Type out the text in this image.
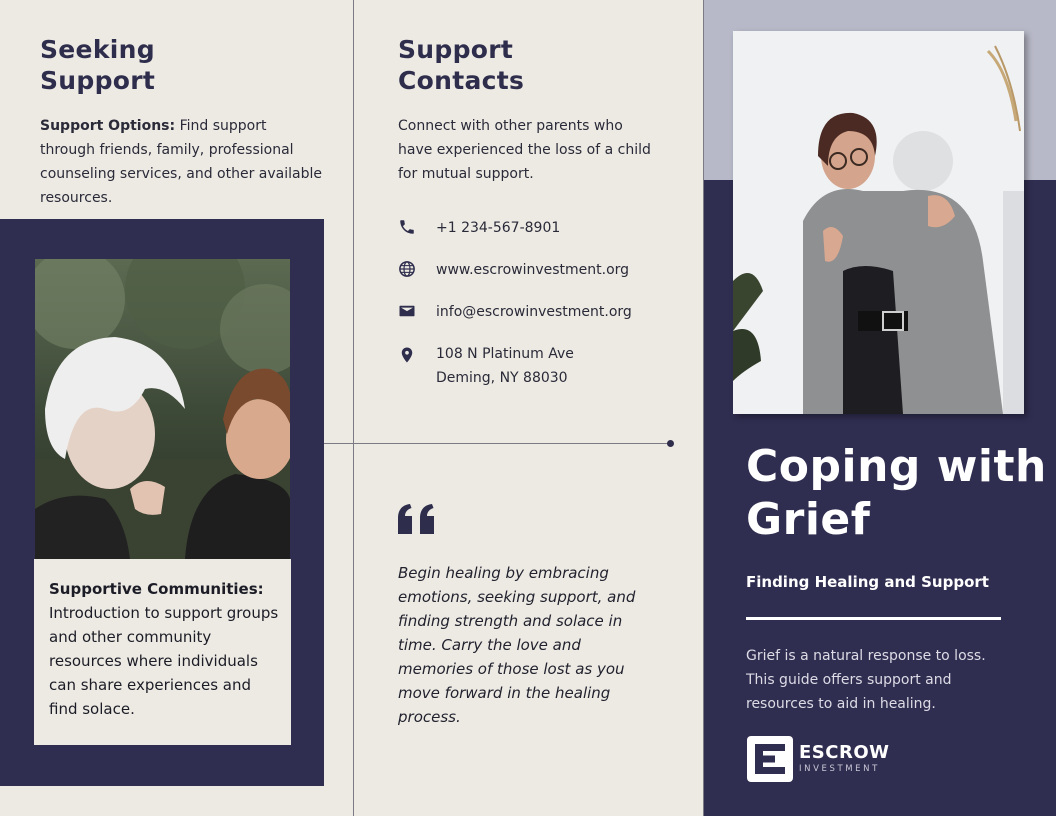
Seeking
Support
Support Options: Find support through friends, family, professional counseling services, and other available resources.
Supportive Communities:
Introduction to support groups and other community resources where individuals can share experiences and find solace.
Support
Contacts
Connect with other parents who have experienced the loss of a child for mutual support.
+1 234-567-8901
www.escrowinvestment.org
info@escrowinvestment.org
108 N Platinum Ave
Deming, NY 88030
Begin healing by embracing emotions, seeking support, and finding strength and solace in time. Carry the love and memories of those lost as you move forward in the healing process.
Coping with
Grief
Finding Healing and Support
Grief is a natural response to loss. This guide offers support and resources to aid in healing.
ESCROW
INVESTMENT
